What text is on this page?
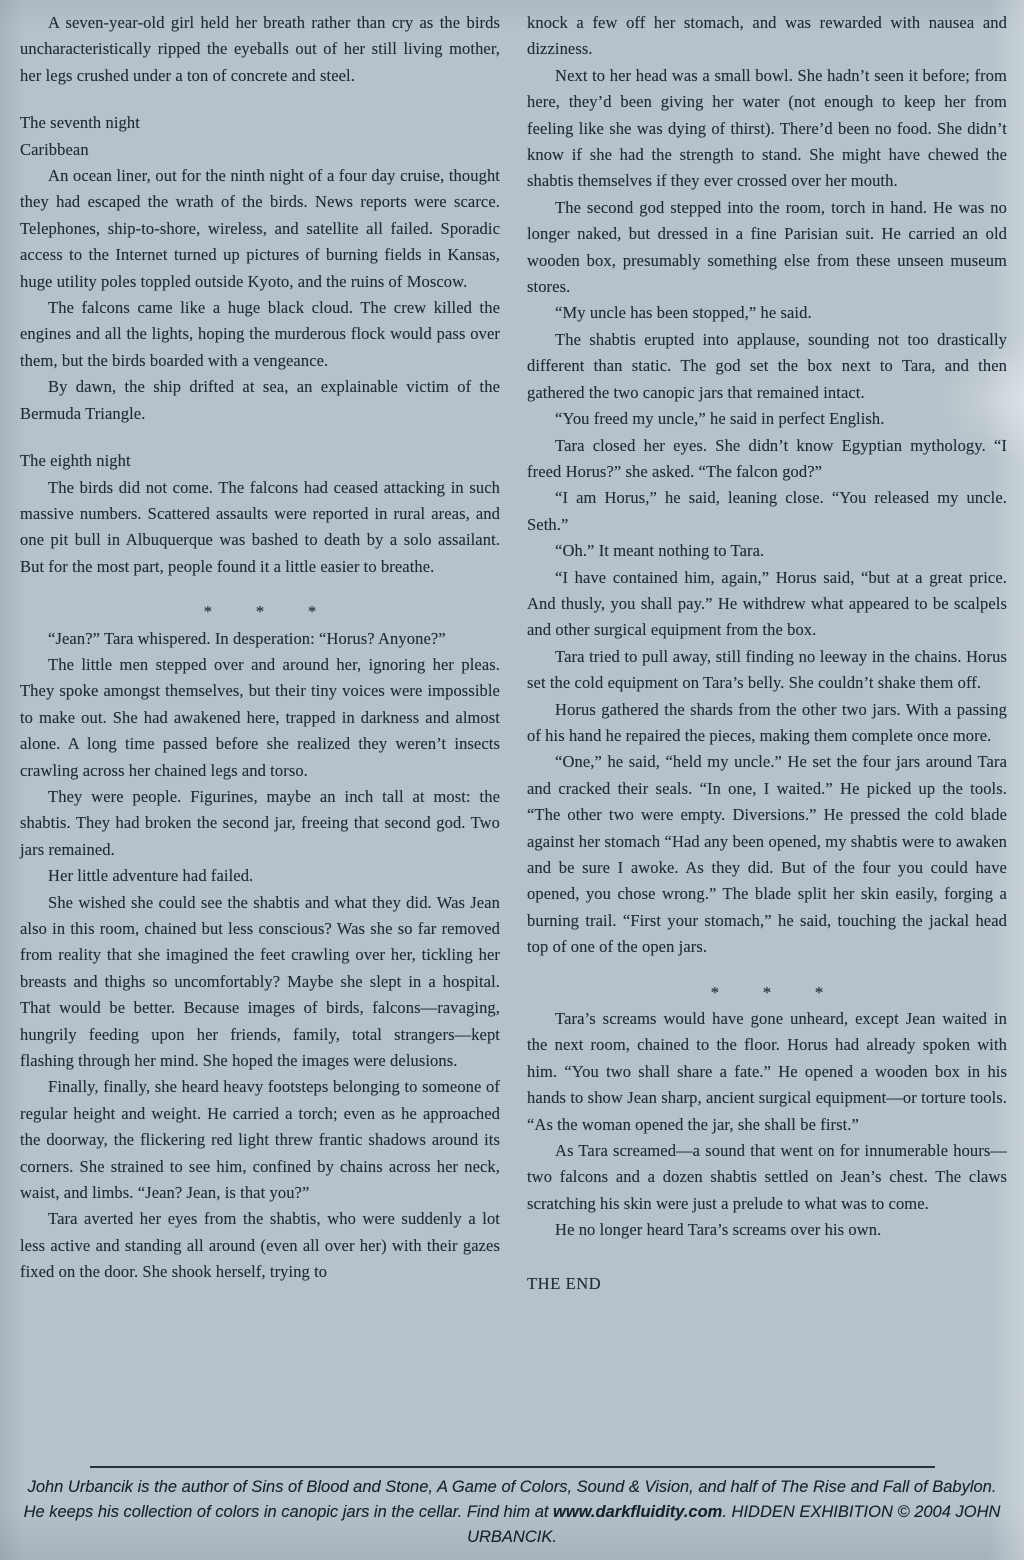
A seven-year-old girl held her breath rather than cry as the birds uncharacteristically ripped the eyeballs out of her still living mother, her legs crushed under a ton of concrete and steel.

The seventh night

Caribbean

An ocean liner, out for the ninth night of a four day cruise, thought they had escaped the wrath of the birds. News reports were scarce. Telephones, ship-to-shore, wireless, and satellite all failed. Sporadic access to the Internet turned up pictures of burning fields in Kansas, huge utility poles toppled outside Kyoto, and the ruins of Moscow.

The falcons came like a huge black cloud. The crew killed the engines and all the lights, hoping the murderous flock would pass over them, but the birds boarded with a vengeance.

By dawn, the ship drifted at sea, an explainable victim of the Bermuda Triangle.

The eighth night

The birds did not come. The falcons had ceased attacking in such massive numbers. Scattered assaults were reported in rural areas, and one pit bull in Albuquerque was bashed to death by a solo assailant. But for the most part, people found it a little easier to breathe.

* * *

“Jean?” Tara whispered. In desperation: “Horus? Anyone?”

The little men stepped over and around her, ignoring her pleas. They spoke amongst themselves, but their tiny voices were impossible to make out. She had awakened here, trapped in darkness and almost alone. A long time passed before she realized they weren’t insects crawling across her chained legs and torso.

They were people. Figurines, maybe an inch tall at most: the shabtis. They had broken the second jar, freeing that second god. Two jars remained.

Her little adventure had failed.

She wished she could see the shabtis and what they did. Was Jean also in this room, chained but less conscious? Was she so far removed from reality that she imagined the feet crawling over her, tickling her breasts and thighs so uncomfortably? Maybe she slept in a hospital. That would be better. Because images of birds, falcons—ravaging, hungrily feeding upon her friends, family, total strangers—kept flashing through her mind. She hoped the images were delusions.

Finally, finally, she heard heavy footsteps belonging to someone of regular height and weight. He carried a torch; even as he approached the doorway, the flickering red light threw frantic shadows around its corners. She strained to see him, confined by chains across her neck, waist, and limbs. “Jean? Jean, is that you?”

Tara averted her eyes from the shabtis, who were suddenly a lot less active and standing all around (even all over her) with their gazes fixed on the door. She shook herself, trying to

knock a few off her stomach, and was rewarded with nausea and dizziness.

Next to her head was a small bowl. She hadn’t seen it before; from here, they’d been giving her water (not enough to keep her from feeling like she was dying of thirst). There’d been no food. She didn’t know if she had the strength to stand. She might have chewed the shabtis themselves if they ever crossed over her mouth.

The second god stepped into the room, torch in hand. He was no longer naked, but dressed in a fine Parisian suit. He carried an old wooden box, presumably something else from these unseen museum stores.

“My uncle has been stopped,” he said.

The shabtis erupted into applause, sounding not too drastically different than static. The god set the box next to Tara, and then gathered the two canopic jars that remained intact.

“You freed my uncle,” he said in perfect English.

Tara closed her eyes. She didn’t know Egyptian mythology. “I freed Horus?” she asked. “The falcon god?”

“I am Horus,” he said, leaning close. “You released my uncle. Seth.”

“Oh.” It meant nothing to Tara.

“I have contained him, again,” Horus said, “but at a great price. And thusly, you shall pay.” He withdrew what appeared to be scalpels and other surgical equipment from the box.

Tara tried to pull away, still finding no leeway in the chains. Horus set the cold equipment on Tara’s belly. She couldn’t shake them off.

Horus gathered the shards from the other two jars. With a passing of his hand he repaired the pieces, making them complete once more.

“One,” he said, “held my uncle.” He set the four jars around Tara and cracked their seals. “In one, I waited.” He picked up the tools. “The other two were empty. Diversions.” He pressed the cold blade against her stomach “Had any been opened, my shabtis were to awaken and be sure I awoke. As they did. But of the four you could have opened, you chose wrong.” The blade split her skin easily, forging a burning trail. “First your stomach,” he said, touching the jackal head top of one of the open jars.

* * *

Tara’s screams would have gone unheard, except Jean waited in the next room, chained to the floor. Horus had already spoken with him. “You two shall share a fate.” He opened a wooden box in his hands to show Jean sharp, ancient surgical equipment—or torture tools. “As the woman opened the jar, she shall be first.”

As Tara screamed—a sound that went on for innumerable hours—two falcons and a dozen shabtis settled on Jean’s chest. The claws scratching his skin were just a prelude to what was to come.

He no longer heard Tara’s screams over his own.

THE END

John Urbancik is the author of Sins of Blood and Stone, A Game of Colors, Sound & Vision, and half of The Rise and Fall of Babylon.

He keeps his collection of colors in canopic jars in the cellar. Find him at www.darkfluidity.com. HIDDEN EXHIBITION © 2004 JOHN URBANCIK.
